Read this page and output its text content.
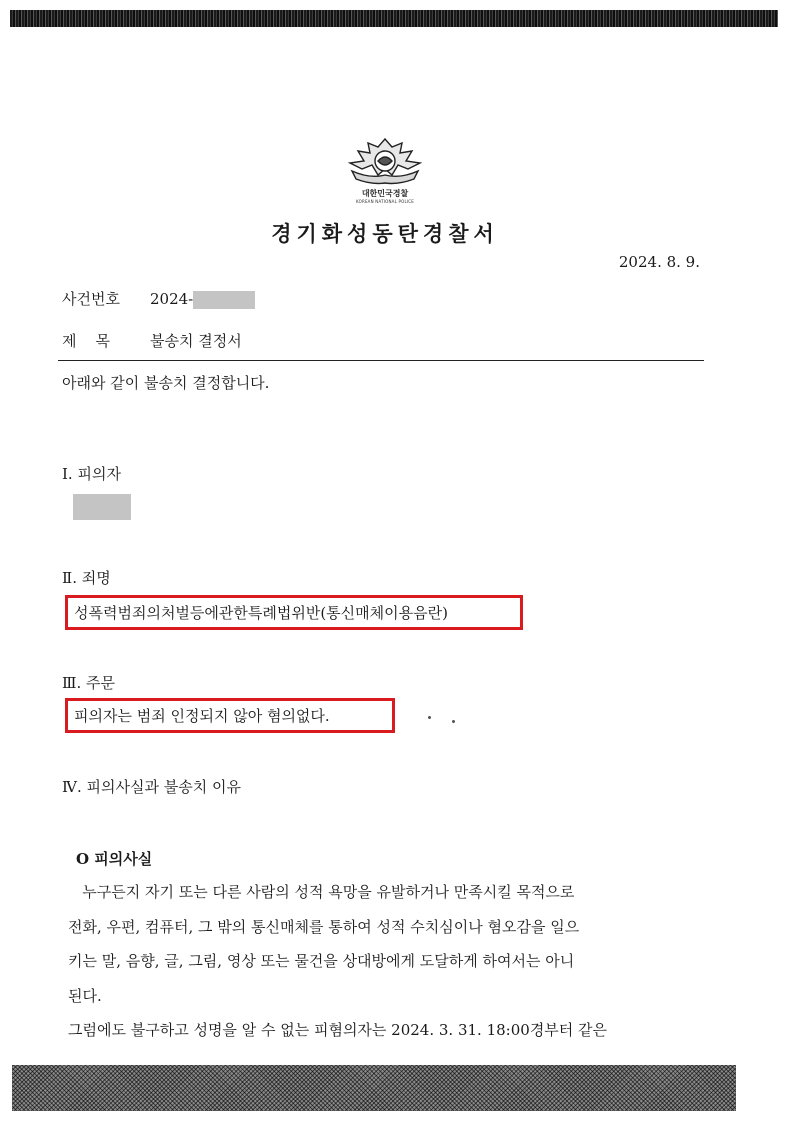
대한민국경찰
KOREAN NATIONAL POLICE
경기화성동탄경찰서
2024. 8. 9.
사건번호 2024-
제    목	불송치 결정서
아래와 같이 불송치 결정합니다.
Ⅰ. 피의자
Ⅱ. 죄명
성폭력범죄의처벌등에관한특례법위반(통신매체이용음란)
Ⅲ. 주문
피의자는 범죄 인정되지 않아 혐의없다.
Ⅳ. 피의사실과 불송치 이유
O 피의사실
누구든지 자기 또는 다른 사람의 성적 욕망을 유발하거나 만족시킬 목적으로
전화, 우편, 컴퓨터, 그 밖의 통신매체를 통하여 성적 수치심이나 혐오감을 일으
키는 말, 음향, 글, 그림, 영상 또는 물건을 상대방에게 도달하게 하여서는 아니
된다.
그럼에도 불구하고 성명을 알 수 없는 피혐의자는 2024. 3. 31. 18:00경부터 같은
